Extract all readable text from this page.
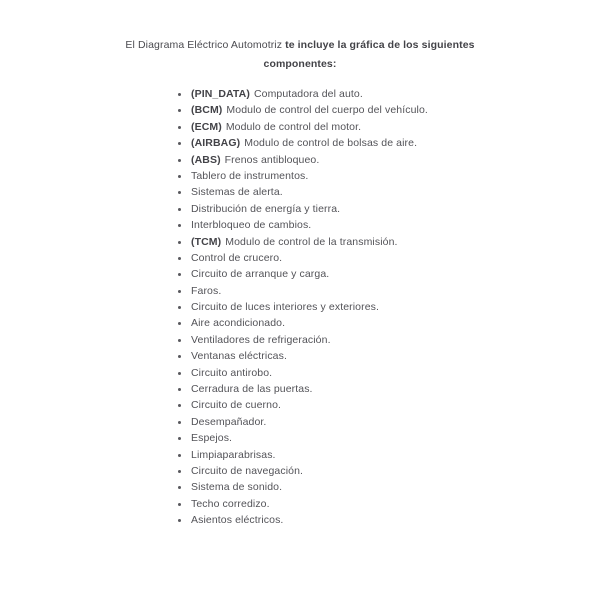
El Diagrama Eléctrico Automotriz te incluye la gráfica de los siguientes componentes:
(PIN_DATA) Computadora del auto.
(BCM) Modulo de control del cuerpo del vehículo.
(ECM) Modulo de control del motor.
(AIRBAG) Modulo de control de bolsas de aire.
(ABS) Frenos antibloqueo.
Tablero de instrumentos.
Sistemas de alerta.
Distribución de energía y tierra.
Interbloqueo de cambios.
(TCM) Modulo de control de la transmisión.
Control de crucero.
Circuito de arranque y carga.
Faros.
Circuito de luces interiores y exteriores.
Aire acondicionado.
Ventiladores de refrigeración.
Ventanas eléctricas.
Circuito antirobo.
Cerradura de las puertas.
Circuito de cuerno.
Desempañador.
Espejos.
Limpiaparabrisas.
Circuito de navegación.
Sistema de sonido.
Techo corredizo.
Asientos eléctricos.
